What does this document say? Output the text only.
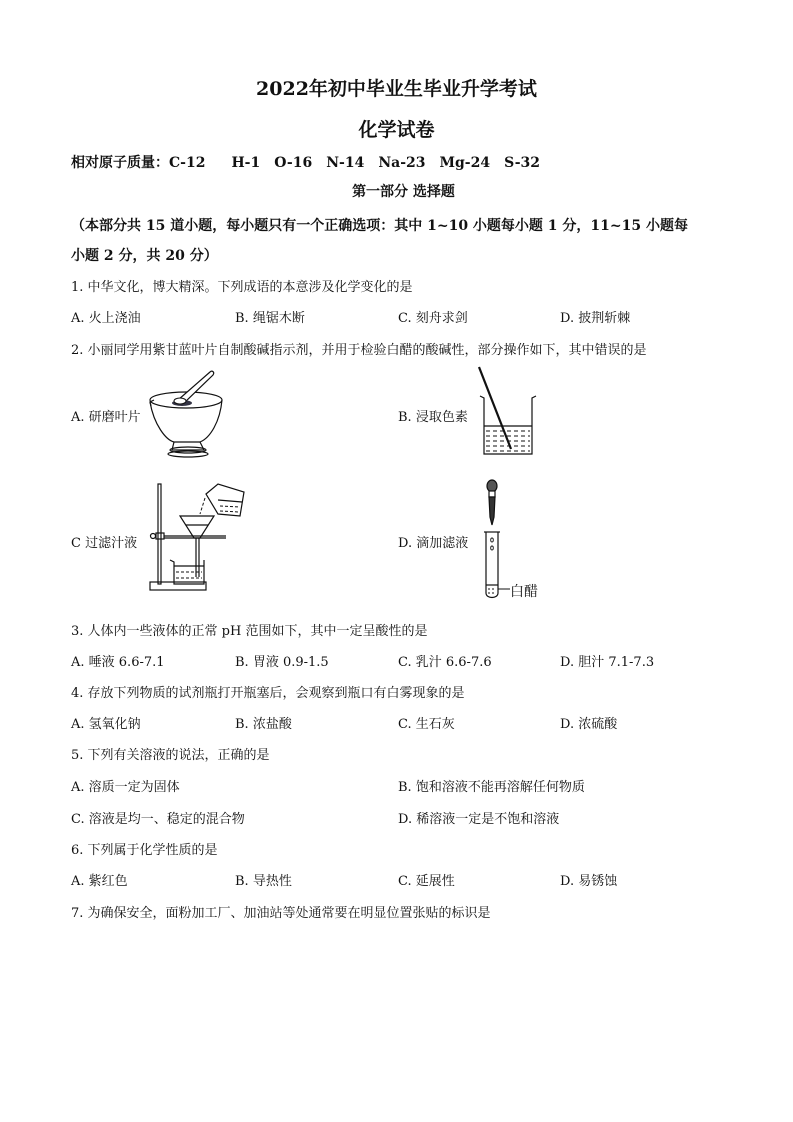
2022年初中毕业生毕业升学考试
化学试卷
相对原子质量：C-12 H-1 O-16 N-14 Na-23 Mg-24 S-32
第一部分 选择题
（本部分共 15 道小题，每小题只有一个正确选项：其中 1~10 小题每小题 1 分，11~15 小题每
小题 2 分，共 20 分）
1. 中华文化，博大精深。下列成语的本意涉及化学变化的是
A. 火上浇油	B. 绳锯木断	C. 刻舟求剑	D. 披荆斩棘
2. 小丽同学用紫甘蓝叶片自制酸碱指示剂，并用于检验白醋的酸碱性，部分操作如下，其中错误的是
A. 研磨叶片	B. 浸取色素
C 过滤汁液	D. 滴加滤液
白醋
3. 人体内一些液体的正常 pH 范围如下，其中一定呈酸性的是
A. 唾液 6.6-7.1	B. 胃液 0.9-1.5	C. 乳汁 6.6-7.6	D. 胆汁 7.1-7.3
4. 存放下列物质的试剂瓶打开瓶塞后，会观察到瓶口有白雾现象的是
A. 氢氧化钠	B. 浓盐酸	C. 生石灰	D. 浓硫酸
5. 下列有关溶液的说法，正确的是
A. 溶质一定为固体	B. 饱和溶液不能再溶解任何物质
C. 溶液是均一、稳定的混合物	D. 稀溶液一定是不饱和溶液
6. 下列属于化学性质的是
A. 紫红色	B. 导热性	C. 延展性	D. 易锈蚀
7. 为确保安全，面粉加工厂、加油站等处通常要在明显位置张贴的标识是
